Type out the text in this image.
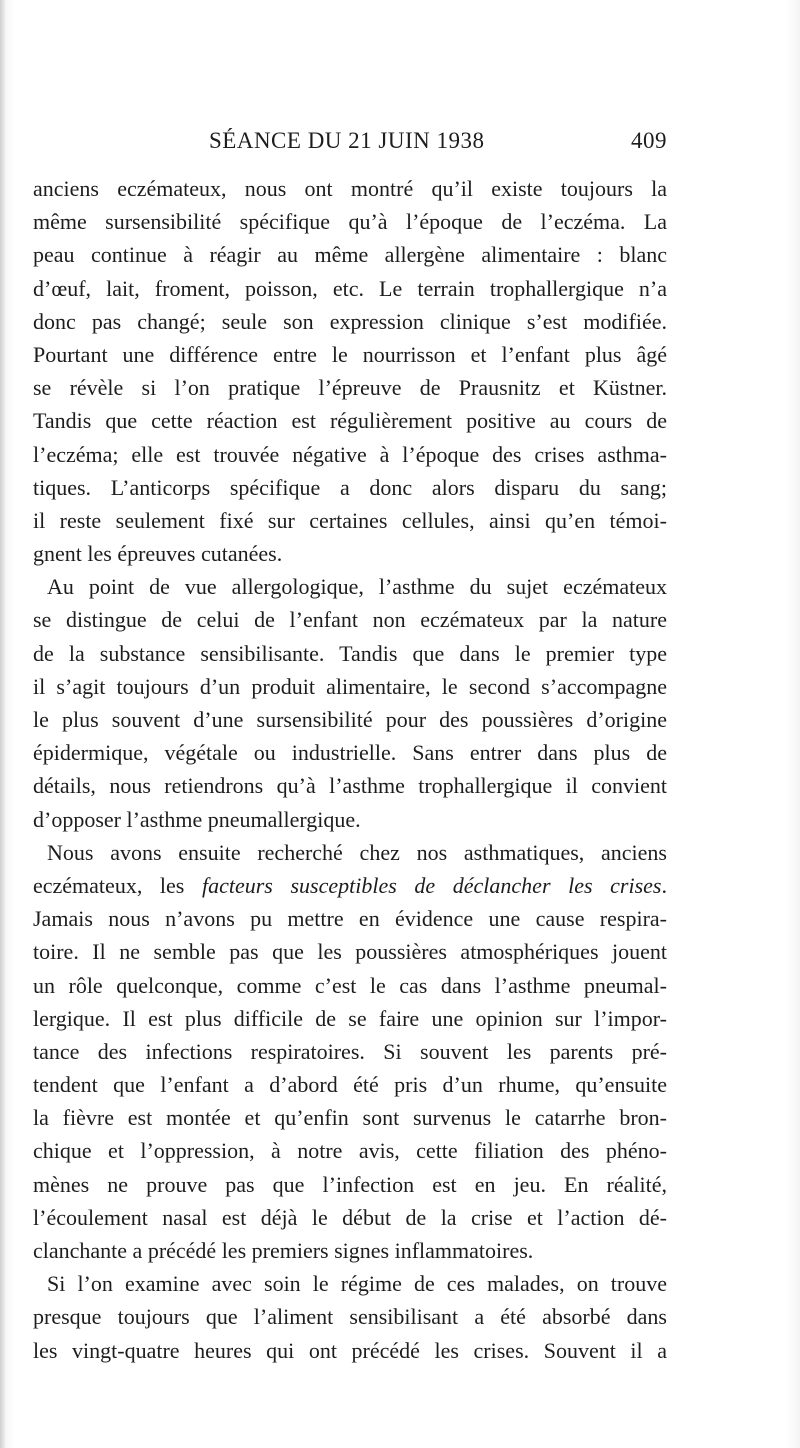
SÉANCE DU 21 JUIN 1938	409
anciens eczémateux, nous ont montré qu’il existe toujours la
même sursensibilité spécifique qu’à l’époque de l’eczéma. La
peau continue à réagir au même allergène alimentaire : blanc
d’œuf, lait, froment, poisson, etc. Le terrain trophallergique n’a
donc pas changé; seule son expression clinique s’est modifiée.
Pourtant une différence entre le nourrisson et l’enfant plus âgé
se révèle si l’on pratique l’épreuve de Prausnitz et Küstner.
Tandis que cette réaction est régulièrement positive au cours de
l’eczéma; elle est trouvée négative à l’époque des crises asthma-
tiques. L’anticorps spécifique a donc alors disparu du sang;
il reste seulement fixé sur certaines cellules, ainsi qu’en témoi-
gnent les épreuves cutanées.
Au point de vue allergologique, l’asthme du sujet eczémateux
se distingue de celui de l’enfant non eczémateux par la nature
de la substance sensibilisante. Tandis que dans le premier type
il s’agit toujours d’un produit alimentaire, le second s’accompagne
le plus souvent d’une sursensibilité pour des poussières d’origine
épidermique, végétale ou industrielle. Sans entrer dans plus de
détails, nous retiendrons qu’à l’asthme trophallergique il convient
d’opposer l’asthme pneumallergique.
Nous avons ensuite recherché chez nos asthmatiques, anciens
eczémateux, les facteurs susceptibles de déclancher les crises.
Jamais nous n’avons pu mettre en évidence une cause respira-
toire. Il ne semble pas que les poussières atmosphériques jouent
un rôle quelconque, comme c’est le cas dans l’asthme pneumal-
lergique. Il est plus difficile de se faire une opinion sur l’impor-
tance des infections respiratoires. Si souvent les parents pré-
tendent que l’enfant a d’abord été pris d’un rhume, qu’ensuite
la fièvre est montée et qu’enfin sont survenus le catarrhe bron-
chique et l’oppression, à notre avis, cette filiation des phéno-
mènes ne prouve pas que l’infection est en jeu. En réalité,
l’écoulement nasal est déjà le début de la crise et l’action dé-
clanchante a précédé les premiers signes inflammatoires.
Si l’on examine avec soin le régime de ces malades, on trouve
presque toujours que l’aliment sensibilisant a été absorbé dans
les vingt-quatre heures qui ont précédé les crises. Souvent il a
